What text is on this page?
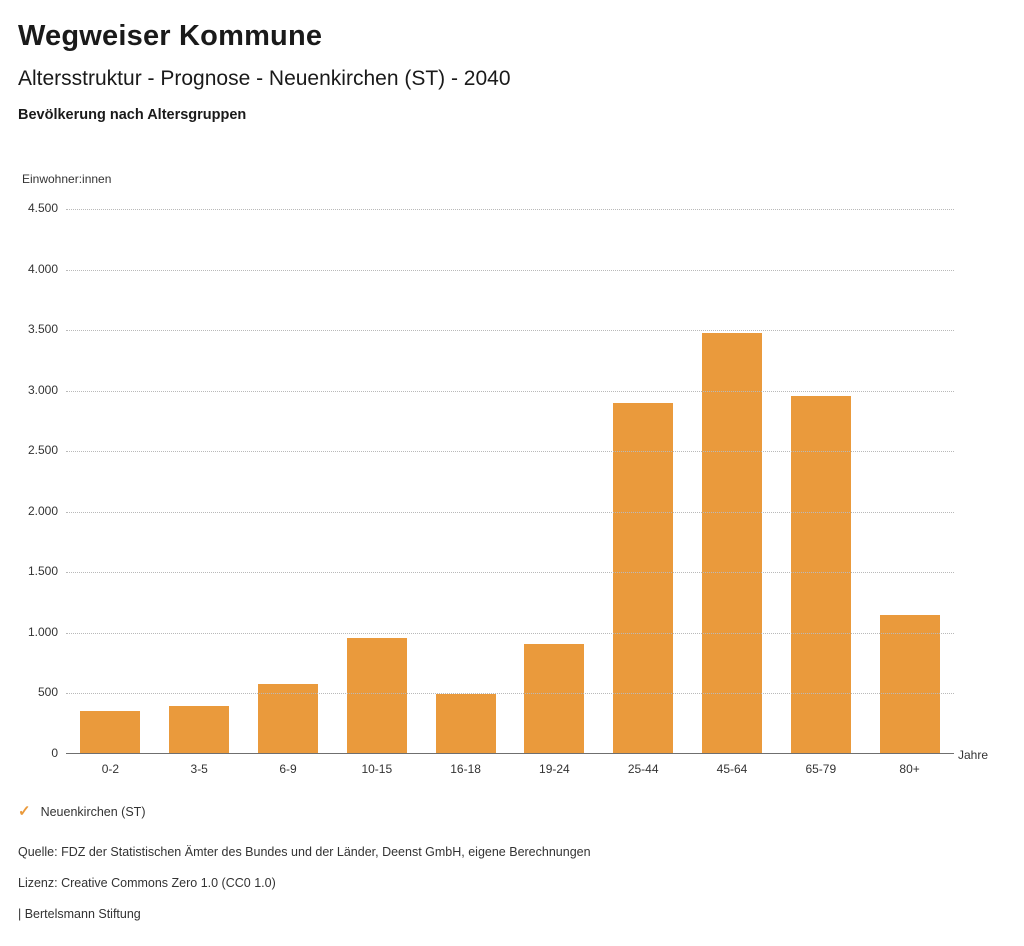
Wegweiser Kommune
Altersstruktur - Prognose - Neuenkirchen (ST) - 2040
Bevölkerung nach Altersgruppen
Einwohner:innen
0
500
1.000
1.500
2.000
2.500
3.000
3.500
4.000
4.500
0-2	3-5	6-9	10-15	16-18	19-24	25-44	45-64	65-79	80+
Jahre
✓ Neuenkirchen (ST)
Quelle: FDZ der Statistischen Ämter des Bundes und der Länder, Deenst GmbH, eigene Berechnungen
Lizenz: Creative Commons Zero 1.0 (CC0 1.0)
| Bertelsmann Stiftung
